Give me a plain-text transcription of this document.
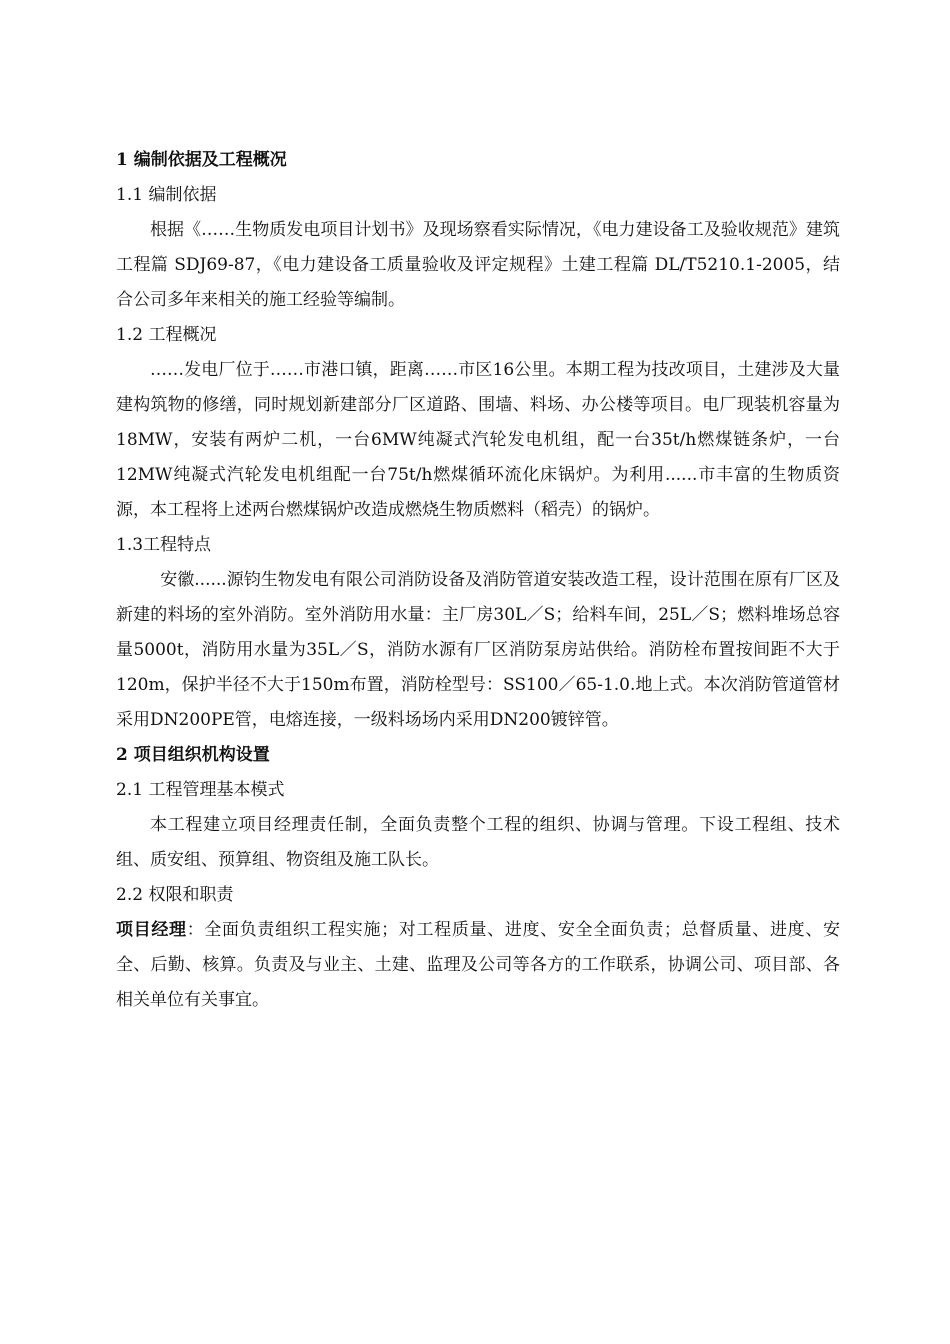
1 编制依据及工程概况
1.1 编制依据
根据《……生物质发电项目计划书》及现场察看实际情况，《电力建设备工及验收规范》建筑工程篇 SDJ69-87，《电力建设备工质量验收及评定规程》土建工程篇 DL/T5210.1-2005，结合公司多年来相关的施工经验等编制。
1.2 工程概况
……发电厂位于……市港口镇，距离……市区16公里。本期工程为技改项目，土建涉及大量建构筑物的修缮，同时规划新建部分厂区道路、围墙、料场、办公楼等项目。电厂现装机容量为18MW，安装有两炉二机，一台6MW纯凝式汽轮发电机组，配一台35t/h燃煤链条炉，一台12MW纯凝式汽轮发电机组配一台75t/h燃煤循环流化床锅炉。为利用......市丰富的生物质资源，本工程将上述两台燃煤锅炉改造成燃烧生物质燃料（稻壳）的锅炉。
1.3工程特点
安徽......源钧生物发电有限公司消防设备及消防管道安装改造工程，设计范围在原有厂区及新建的料场的室外消防。室外消防用水量：主厂房30L／S；给料车间，25L／S；燃料堆场总容量5000t，消防用水量为35L／S，消防水源有厂区消防泵房站供给。消防栓布置按间距不大于120m，保护半径不大于150m布置，消防栓型号：SS100／65-1.0.地上式。本次消防管道管材采用DN200PE管，电熔连接，一级料场场内采用DN200镀锌管。
2 项目组织机构设置
2.1 工程管理基本模式
本工程建立项目经理责任制，全面负责整个工程的组织、协调与管理。下设工程组、技术组、质安组、预算组、物资组及施工队长。
2.2 权限和职责
项目经理：全面负责组织工程实施；对工程质量、进度、安全全面负责；总督质量、进度、安全、后勤、核算。负责及与业主、土建、监理及公司等各方的工作联系，协调公司、项目部、各相关单位有关事宜。
